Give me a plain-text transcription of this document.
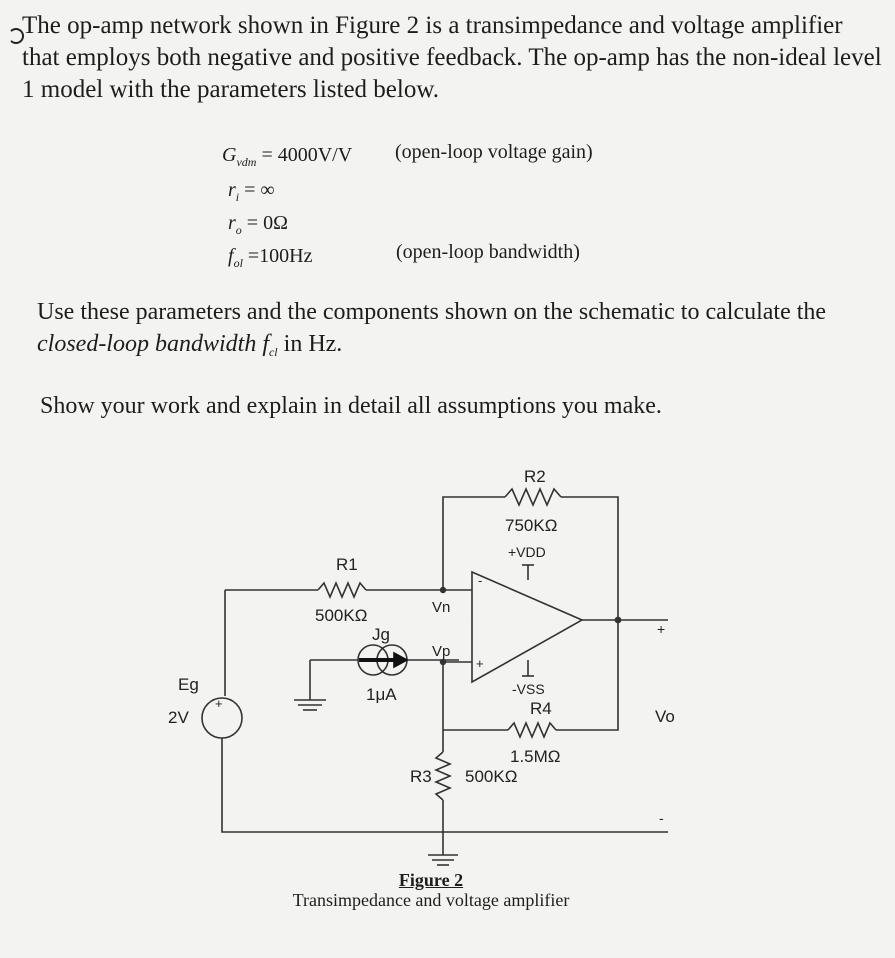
The op-amp network shown in Figure 2 is a transimpedance and voltage amplifier that employs both negative and positive feedback. The op-amp has the non-ideal level 1 model with the parameters listed below.
$G_{vdm} = 4000V/V$ (open-loop voltage gain)
$r_i$ = ∞
$r_o = 0\Omega$
$f_{ol} =100Hz$	(open-loop bandwidth)
Use these parameters and the components shown on the schematic to calculate the
closed-loop bandwidth $f_{cl}$ in Hz.
Show your work and explain in detail all assumptions you make.
R2
750KΩ
+VDD
R1
500KΩ
Jg
1μA
Vn
Vp
-
+
Eg
2V
+
-VSS
R4
1.5MΩ
R3 500KΩ
Vo
+
-
Figure 2
Transimpedance and voltage amplifier
